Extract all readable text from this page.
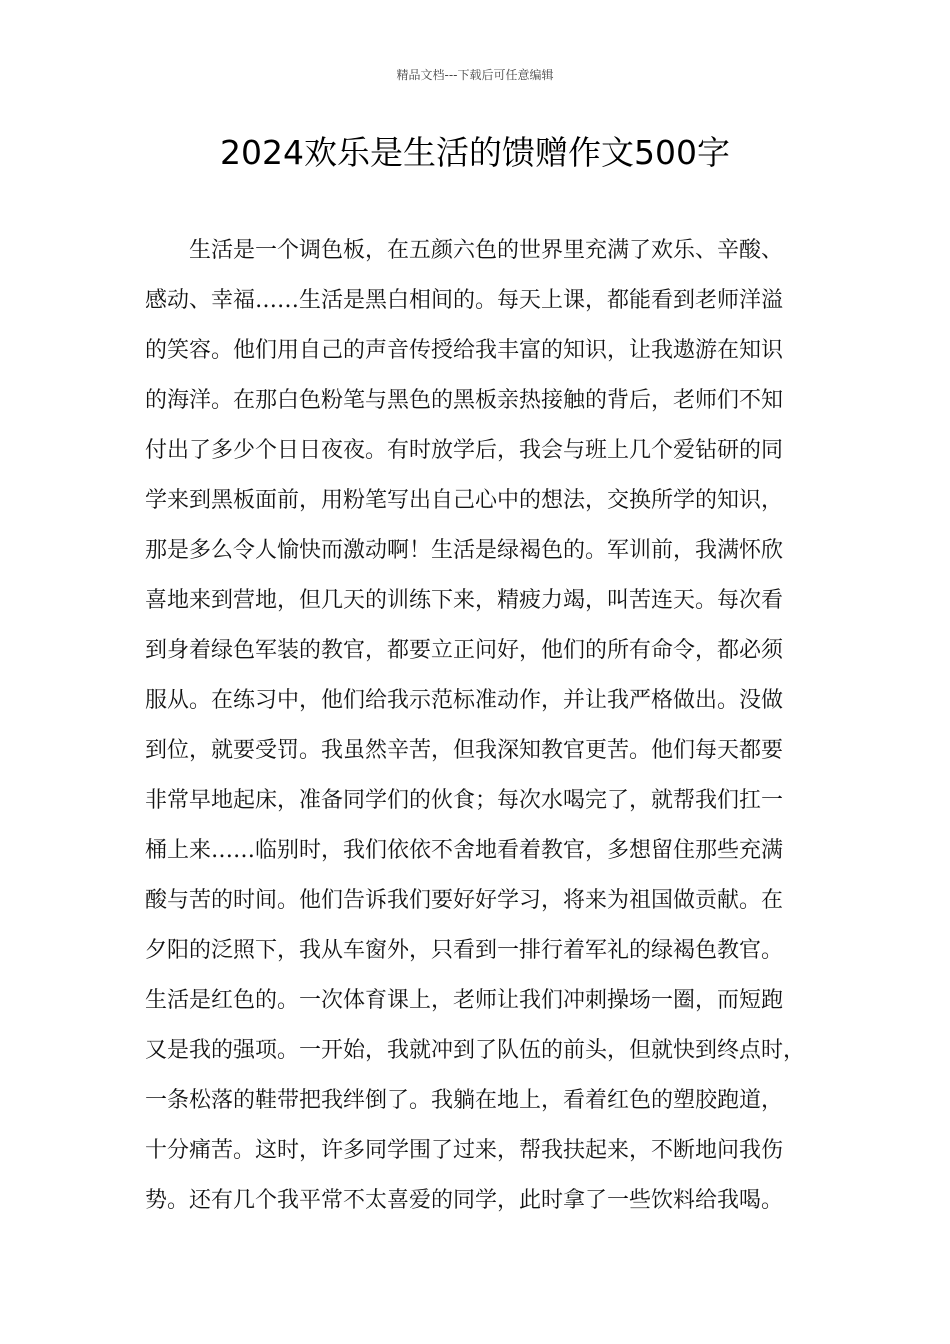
精品文档---下载后可任意编辑
2024欢乐是生活的馈赠作文500字
生活是一个调色板，在五颜六色的世界里充满了欢乐、辛酸、
感动、幸福……生活是黑白相间的。每天上课，都能看到老师洋溢
的笑容。他们用自己的声音传授给我丰富的知识，让我遨游在知识
的海洋。在那白色粉笔与黑色的黑板亲热接触的背后，老师们不知
付出了多少个日日夜夜。有时放学后，我会与班上几个爱钻研的同
学来到黑板面前，用粉笔写出自己心中的想法，交换所学的知识，
那是多么令人愉快而激动啊！生活是绿褐色的。军训前，我满怀欣
喜地来到营地，但几天的训练下来，精疲力竭，叫苦连天。每次看
到身着绿色军装的教官，都要立正问好，他们的所有命令，都必须
服从。在练习中，他们给我示范标准动作，并让我严格做出。没做
到位，就要受罚。我虽然辛苦，但我深知教官更苦。他们每天都要
非常早地起床，准备同学们的伙食；每次水喝完了，就帮我们扛一
桶上来……临别时，我们依依不舍地看着教官，多想留住那些充满
酸与苦的时间。他们告诉我们要好好学习，将来为祖国做贡献。在
夕阳的泛照下，我从车窗外，只看到一排行着军礼的绿褐色教官。
生活是红色的。一次体育课上，老师让我们冲刺操场一圈，而短跑
又是我的强项。一开始，我就冲到了队伍的前头，但就快到终点时，
一条松落的鞋带把我绊倒了。我躺在地上，看着红色的塑胶跑道，
十分痛苦。这时，许多同学围了过来，帮我扶起来，不断地问我伤
势。还有几个我平常不太喜爱的同学，此时拿了一些饮料给我喝。
